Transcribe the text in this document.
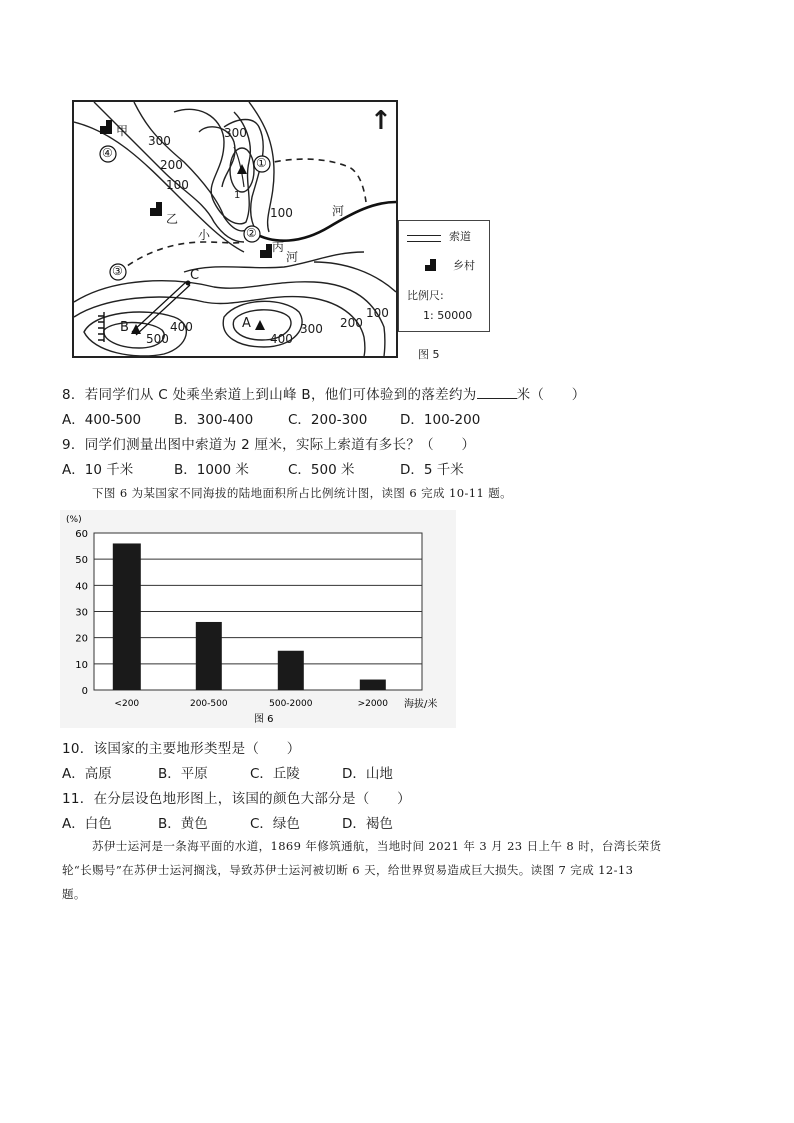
↑
300
300
200
100
1
100
100
400
500	400
300 200
①
②
③
④
甲
乙
丙
C
B	A
河
小
河
索道
乡村
比例尺:
1: 50000
图 5
8．若同学们从 C 处乘坐索道上到山峰 B，他们可体验到的落差约为	米（　　）
A．400-500 B．300-400	C．200-300 D．100-200
9．同学们测量出图中索道为 2 厘米，实际上索道有多长？（　　）
A．10 千米	B．1000 米	C．500 米	D．5 千米
下图 6 为某国家不同海拔的陆地面积所占比例统计图，读图 6 完成 10-11 题。
0
10
20
30
40
50
60
<200	200-500	500-2000	>2000
(%)
海拔/米
图 6
10．该国家的主要地形类型是（　　）
A．高原	B．平原	C．丘陵	D．山地
11．在分层设色地形图上，该国的颜色大部分是（　　）
A．白色	B．黄色	C．绿色	D．褐色
苏伊士运河是一条海平面的水道，1869 年修筑通航，当地时间 2021 年 3 月 23 日上午 8 时，台湾长荣货
轮“长赐号”在苏伊士运河搁浅，导致苏伊士运河被切断 6 天，给世界贸易造成巨大损失。读图 7 完成 12-13
题。
